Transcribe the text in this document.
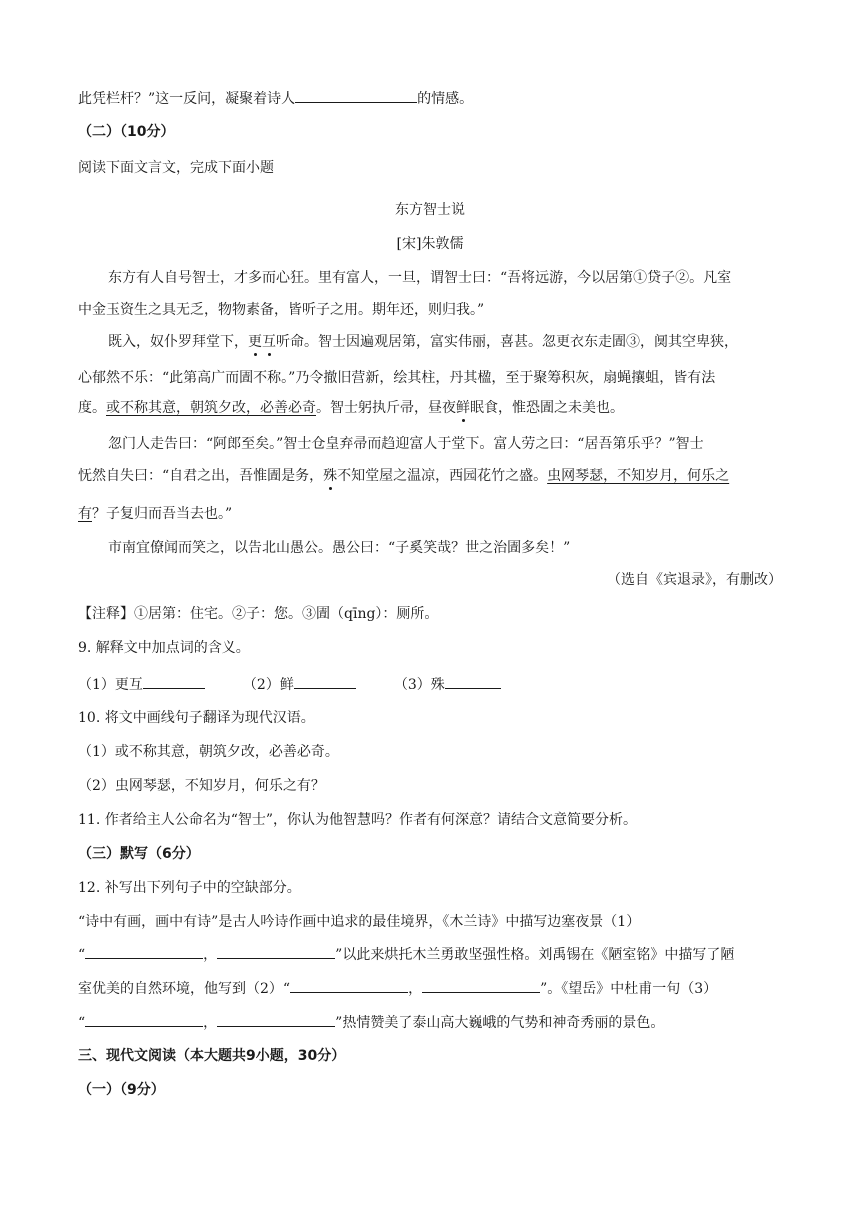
此凭栏杆？”这一反问，凝聚着诗人	的情感。
（二）（10分）
阅读下面文言文，完成下面小题
东方智士说
[宋]朱敦儒
东方有人自号智士，才多而心狂。里有富人，一旦，谓智士曰：“吾将远游，今以居第①贷子②。凡室
中金玉资生之具无乏，物物素备，皆听子之用。期年还，则归我。”
既入，奴仆罗拜堂下，更互听命。智士因遍观居第，富实伟丽，喜甚。忽更衣东走圊③，阒其空卑狭，
心郁然不乐：“此第高广而圊不称。”乃令撤旧营新，绘其柱，丹其楹，至于聚筹积灰，扇蝇攘蛆，皆有法
度。或不称其意，朝筑夕改，必善必奇。智士躬执斤帚，昼夜鲜眠食，惟恐圊之未美也。
忽门人走告曰：“阿郎至矣。”智士仓皇弃帚而趋迎富人于堂下。富人劳之曰：“居吾第乐乎？”智士
怃然自失曰：“自君之出，吾惟圊是务，殊不知堂屋之温凉，西园花竹之盛。虫网琴瑟，不知岁月，何乐之
有？子复归而吾当去也。”
市南宜僚闻而笑之，以告北山愚公。愚公曰：“子奚笑哉？世之治圊多矣！”
（选自《宾退录》，有删改）
【注释】①居第：住宅。②子：您。③圊（qīng）：厕所。
9. 解释文中加点词的含义。
（1）更互	（2）鲜	（3）殊
10. 将文中画线句子翻译为现代汉语。
（1）或不称其意，朝筑夕改，必善必奇。
（2）虫网琴瑟，不知岁月，何乐之有？
11. 作者给主人公命名为“智士”，你认为他智慧吗？作者有何深意？请结合文意简要分析。
（三）默写（6分）
12. 补写出下列句子中的空缺部分。
“诗中有画，画中有诗”是古人吟诗作画中追求的最佳境界，《木兰诗》中描写边塞夜景（1）
“	，	”以此来烘托木兰勇敢坚强性格。刘禹锡在《陋室铭》中描写了陋
室优美的自然环境，他写到（2）“	，	”。《望岳》中杜甫一句（3）
“	，	”热情赞美了泰山高大巍峨的气势和神奇秀丽的景色。
三、现代文阅读（本大题共9小题，30分）
（一）（9分）
